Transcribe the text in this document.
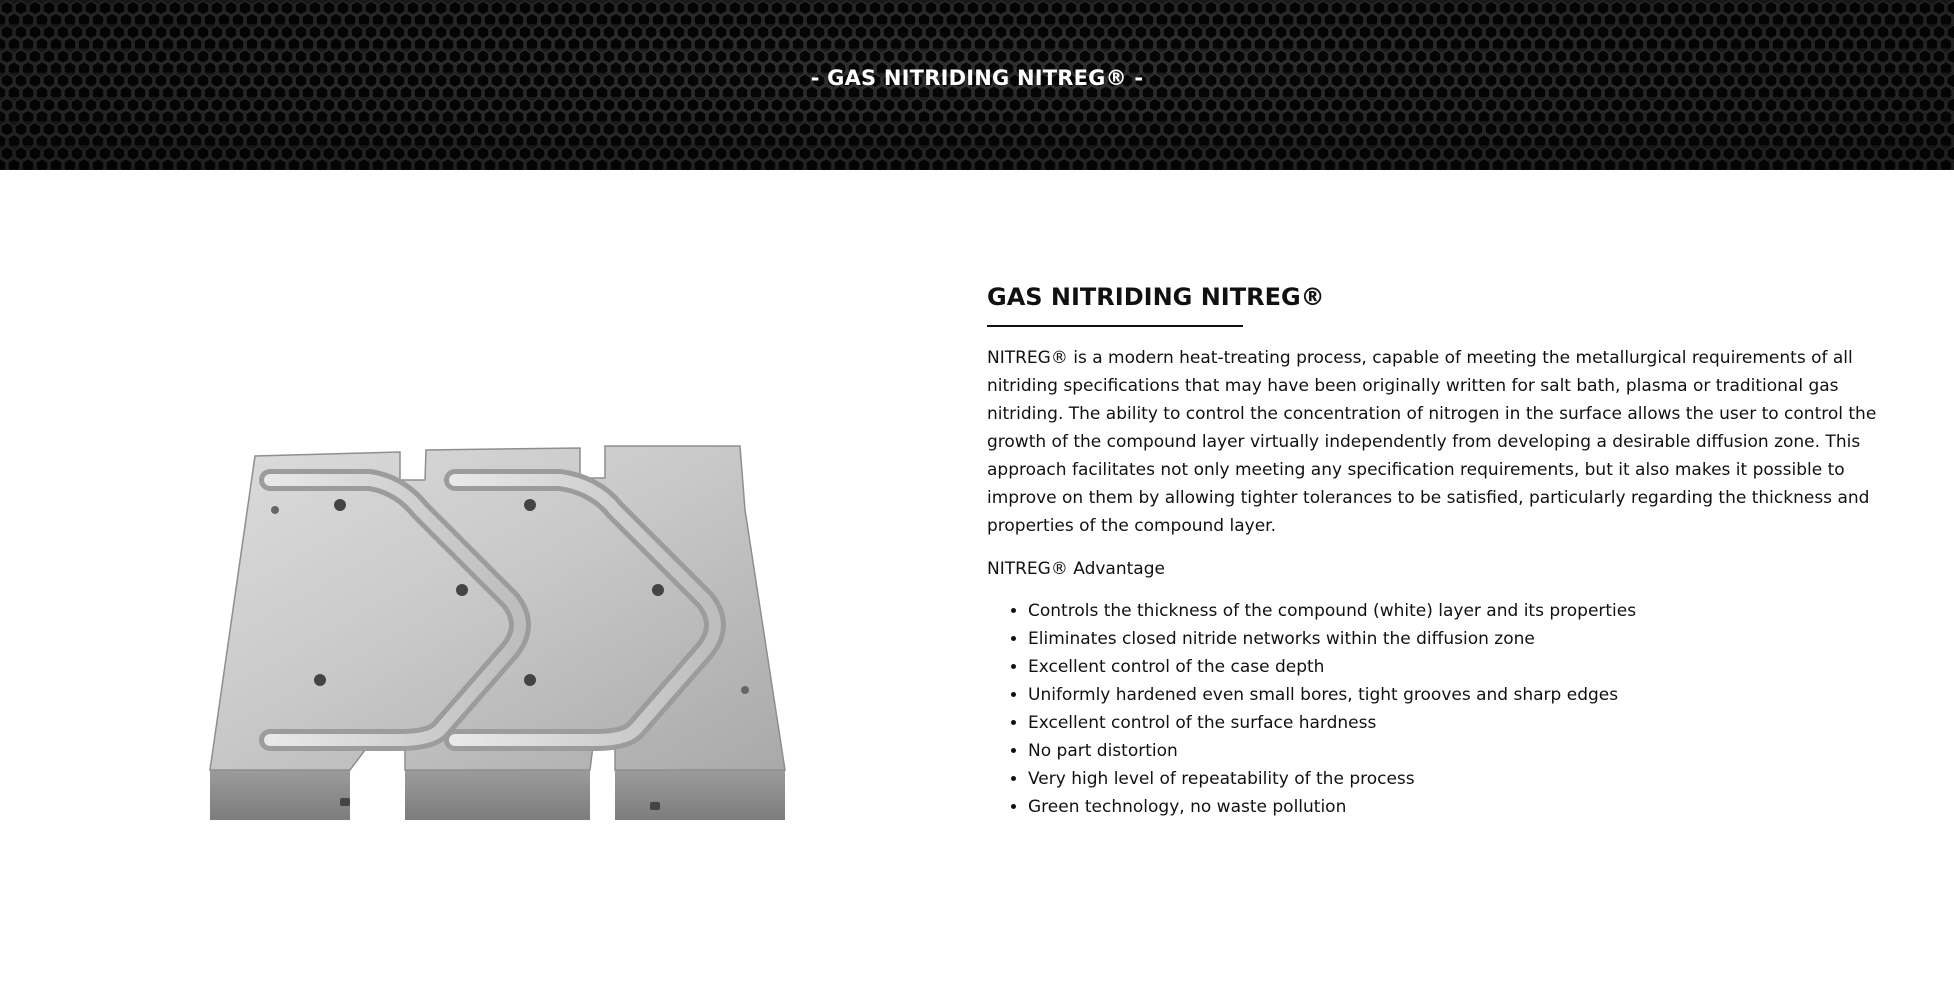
- GAS NITRIDING NITREG® -
GAS NITRIDING NITREG®

NITREG® is a modern heat-treating process, capable of meeting the metallurgical requirements of all nitriding specifications that may have been originally written for salt bath, plasma or traditional gas nitriding. The ability to control the concentration of nitrogen in the surface allows the user to control the growth of the compound layer virtually independently from developing a desirable diffusion zone. This approach facilitates not only meeting any specification requirements, but it also makes it possible to improve on them by allowing tighter tolerances to be satisfied, particularly regarding the thickness and properties of the compound layer.

NITREG® Advantage

• Controls the thickness of the compound (white) layer and its properties
• Eliminates closed nitride networks within the diffusion zone
• Excellent control of the case depth
• Uniformly hardened even small bores, tight grooves and sharp edges
• Excellent control of the surface hardness
• No part distortion
• Very high level of repeatability of the process
• Green technology, no waste pollution
